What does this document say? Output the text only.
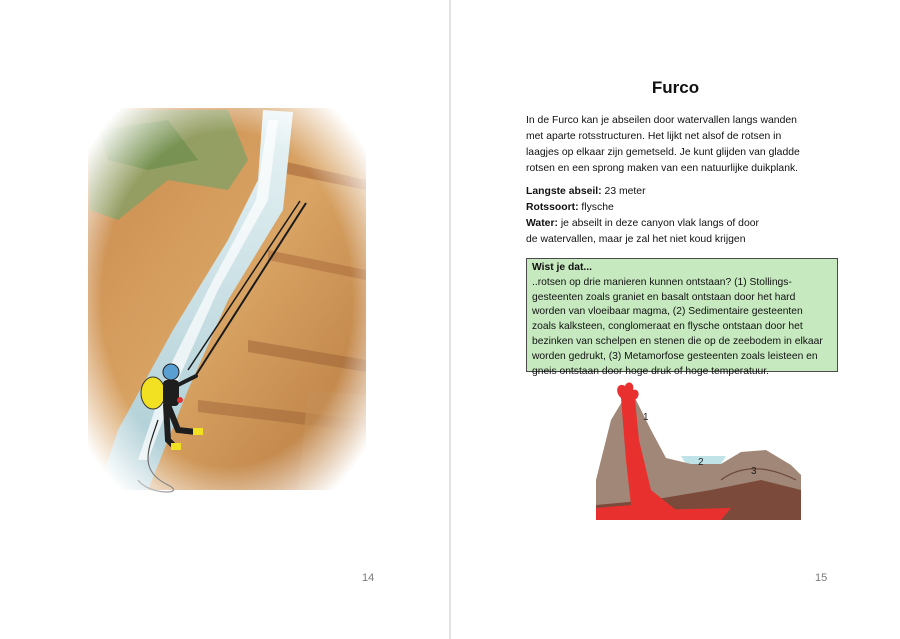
14
Furco
In de Furco kan je abseilen door watervallen langs wanden
met aparte rotsstructuren. Het lijkt net alsof de rotsen in
laagjes op elkaar zijn gemetseld. Je kunt glijden van gladde
rotsen en een sprong maken van een natuurlijke duikplank.
Langste abseil: 23 meter
Rotssoort: flysche
Water: je abseilt in deze canyon vlak langs of door
de watervallen, maar je zal het niet koud krijgen
Wist je dat...
..rotsen op drie manieren kunnen ontstaan? (1) Stollings-
gesteenten zoals graniet en basalt ontstaan door het hard
worden van vloeibaar magma, (2) Sedimentaire gesteenten
zoals kalksteen, conglomeraat en flysche ontstaan door het
bezinken van schelpen en stenen die op de zeebodem in elkaar
worden gedrukt, (3) Metamorfose gesteenten zoals leisteen en
gneis ontstaan door hoge druk of hoge temperatuur.
1
2
3
15
